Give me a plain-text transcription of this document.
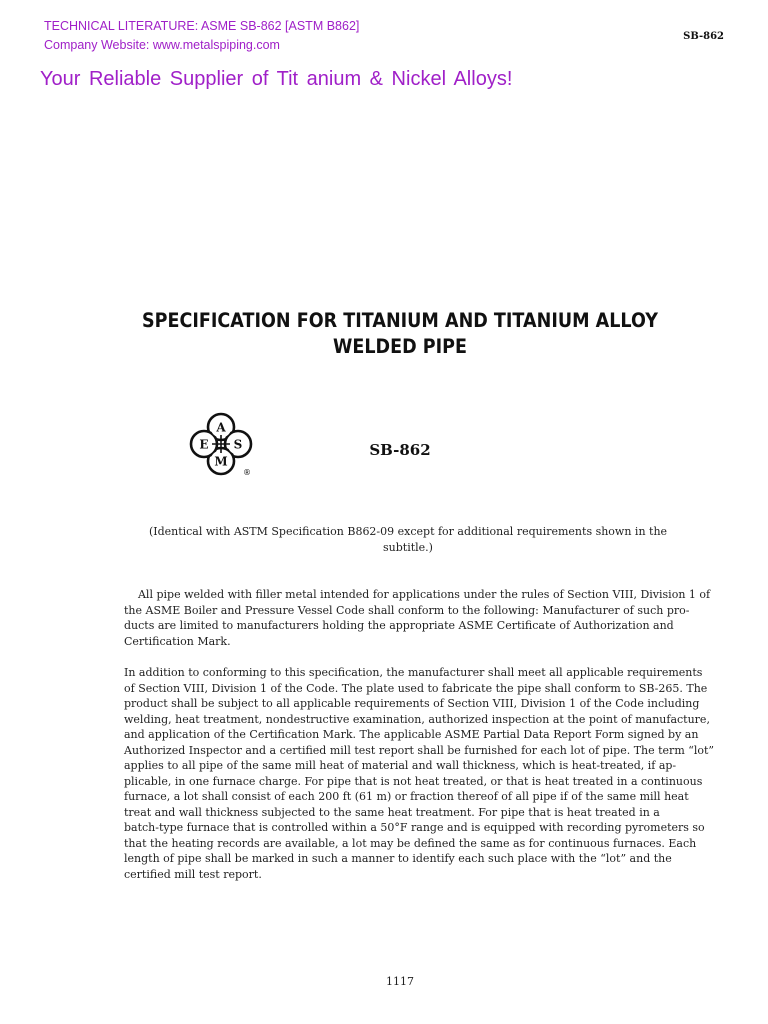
TECHNICAL LITERATURE: ASME SB-862 [ASTM B862]
Company Website: www.metalspiping.com
SB-862
Your Reliable Supplier of Tit anium & Nickel Alloys!
SPECIFICATION FOR TITANIUM AND TITANIUM ALLOY
WELDED PIPE
A
S
M
E
®
SB-862
(Identical with ASTM Specification B862-09 except for additional requirements shown in the
subtitle.)
All pipe welded with filler metal intended for applications under the rules of Section VIII, Division 1 of
the ASME Boiler and Pressure Vessel Code shall conform to the following: Manufacturer of such pro-
ducts are limited to manufacturers holding the appropriate ASME Certificate of Authorization and
Certification Mark.
In addition to conforming to this specification, the manufacturer shall meet all applicable requirements
of Section VIII, Division 1 of the Code. The plate used to fabricate the pipe shall conform to SB-265. The
product shall be subject to all applicable requirements of Section VIII, Division 1 of the Code including
welding, heat treatment, nondestructive examination, authorized inspection at the point of manufacture,
and application of the Certification Mark. The applicable ASME Partial Data Report Form signed by an
Authorized Inspector and a certified mill test report shall be furnished for each lot of pipe. The term “lot”
applies to all pipe of the same mill heat of material and wall thickness, which is heat-treated, if ap-
plicable, in one furnace charge. For pipe that is not heat treated, or that is heat treated in a continuous
furnace, a lot shall consist of each 200 ft (61 m) or fraction thereof of all pipe if of the same mill heat
treat and wall thickness subjected to the same heat treatment. For pipe that is heat treated in a
batch-type furnace that is controlled within a 50°F range and is equipped with recording pyrometers so
that the heating records are available, a lot may be defined the same as for continuous furnaces. Each
length of pipe shall be marked in such a manner to identify each such place with the “lot” and the
certified mill test report.
1117
